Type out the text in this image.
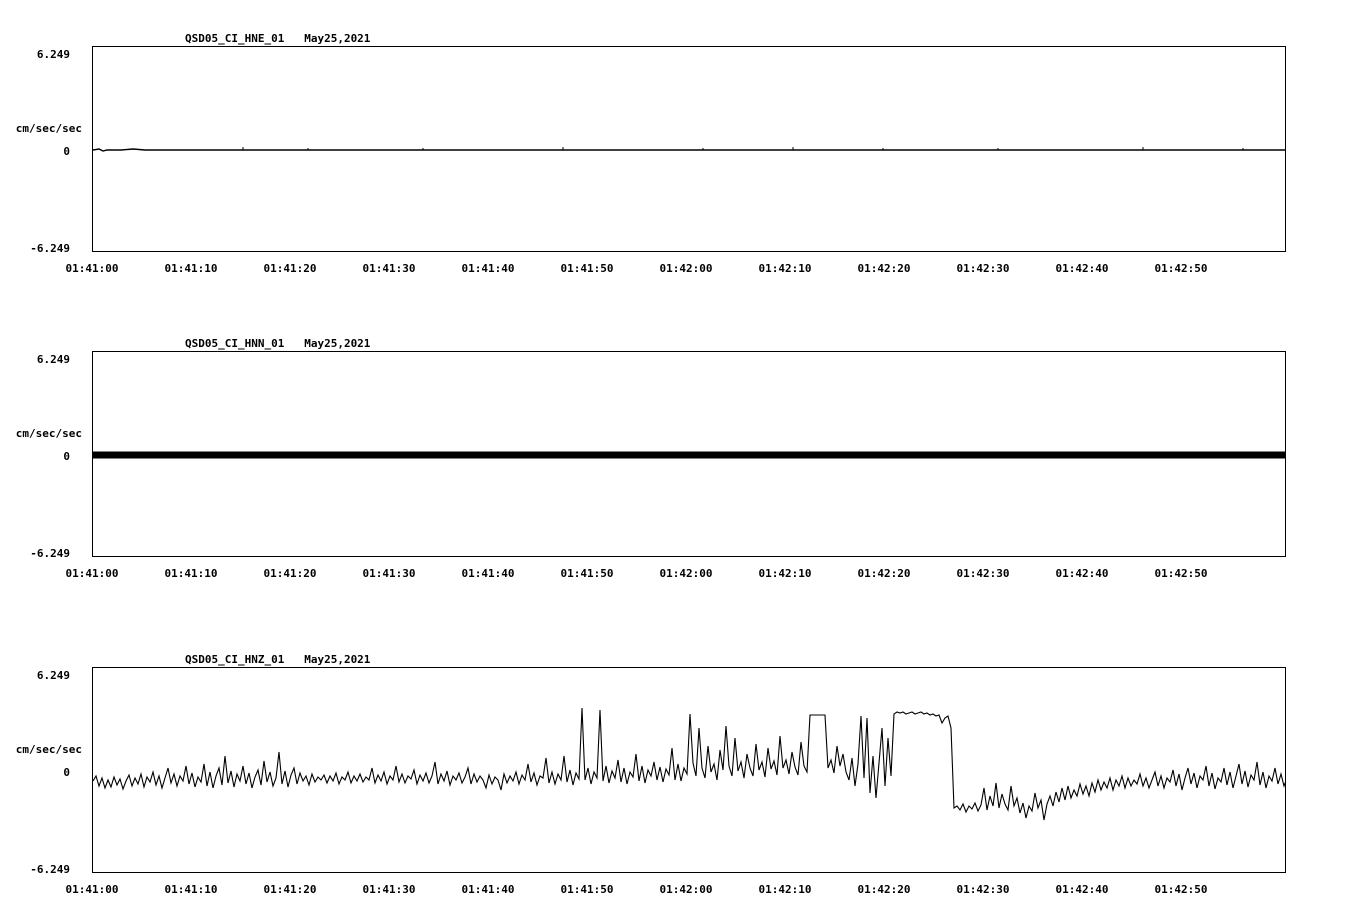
QSD05_CI_HNE_01   May25,2021
6.249
cm/sec/sec
0
-6.249
01:41:00	01:41:10	01:41:20	01:41:30	01:41:40	01:41:50	01:42:00	01:42:10	01:42:20	01:42:30	01:42:40	01:42:50
QSD05_CI_HNN_01   May25,2021
6.249
cm/sec/sec
0
-6.249
01:41:00	01:41:10	01:41:20	01:41:30	01:41:40	01:41:50	01:42:00	01:42:10	01:42:20	01:42:30	01:42:40	01:42:50
QSD05_CI_HNZ_01   May25,2021
6.249
cm/sec/sec
0
-6.249
01:41:00	01:41:10	01:41:20	01:41:30	01:41:40	01:41:50	01:42:00	01:42:10	01:42:20	01:42:30	01:42:40	01:42:50
